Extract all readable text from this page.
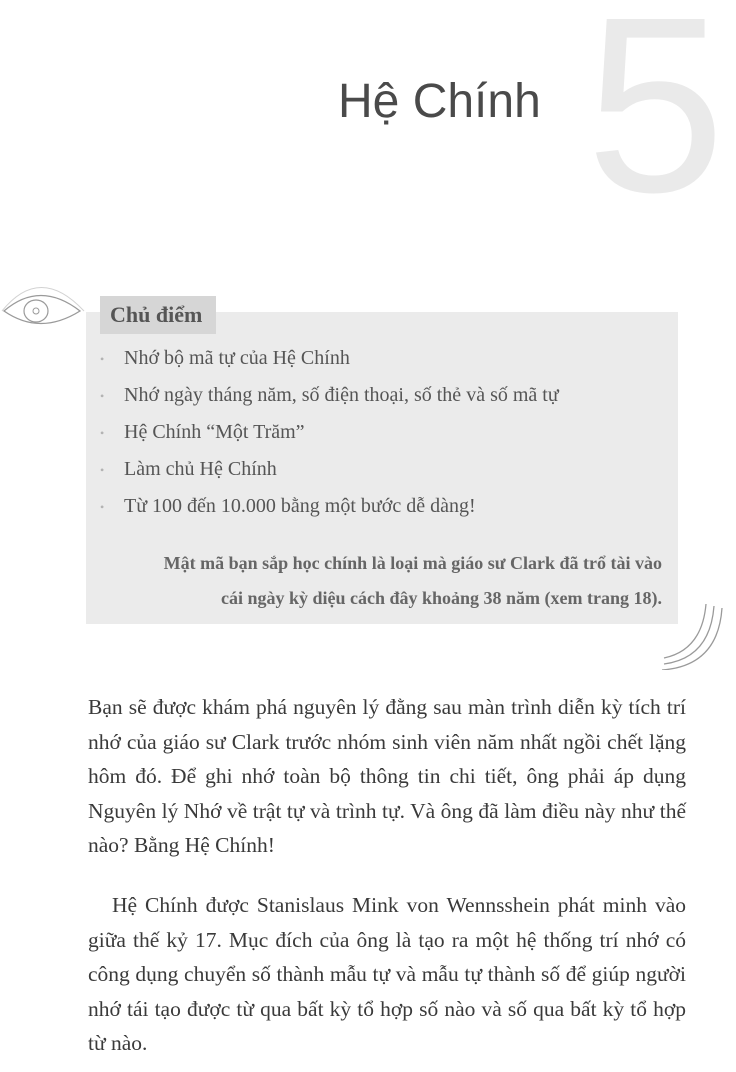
5
Hệ Chính
Chủ điểm
• Nhớ bộ mã tự của Hệ Chính
• Nhớ ngày tháng năm, số điện thoại, số thẻ và số mã tự
• Hệ Chính “Một Trăm”
• Làm chủ Hệ Chính
• Từ 100 đến 10.000 bằng một bước dễ dàng!

Mật mã bạn sắp học chính là loại mà giáo sư Clark đã trổ tài vào
cái ngày kỳ diệu cách đây khoảng 38 năm (xem trang 18).

Bạn sẽ được khám phá nguyên lý đằng sau màn trình diễn kỳ tích trí nhớ của giáo sư Clark trước nhóm sinh viên năm nhất ngồi chết lặng hôm đó. Để ghi nhớ toàn bộ thông tin chi tiết, ông phải áp dụng Nguyên lý Nhớ về trật tự và trình tự. Và ông đã làm điều này như thế nào? Bằng Hệ Chính!

Hệ Chính được Stanislaus Mink von Wennsshein phát minh vào giữa thế kỷ 17. Mục đích của ông là tạo ra một hệ thống trí nhớ có công dụng chuyển số thành mẫu tự và mẫu tự thành số để giúp người nhớ tái tạo được từ qua bất kỳ tổ hợp số nào và số qua bất kỳ tổ hợp từ nào.
